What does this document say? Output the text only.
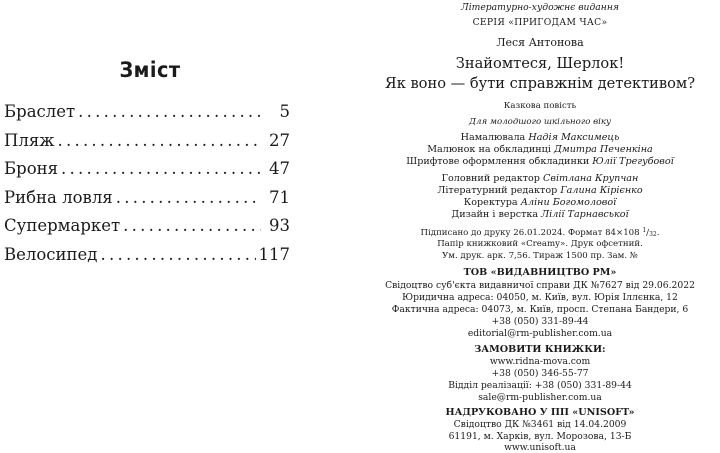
Зміст
Браслет . . .	5
Пляж . . .	27
Броня . . .	47
Рибна ловля . . .	71
Супермаркет . . .	93
Велосипед . . .	117
Літературно-художнє видання
СЕРІЯ «ПРИГОДАМ ЧАС»
Леся Антонова
Знайомтеся, Шерлок!
Як воно — бути справжнім детективом?
Казкова повість
Для молодшого шкільного віку
Намалювала Надія Максимець
Малюнок на обкладинці Дмитра Печенкіна
Шрифтове оформлення обкладинки Юлії Трегубової
Головний редактор Світлана Крупчан
Літературний редактор Галина Кірієнко
Коректура Аліни Богомолової
Дизайн і верстка Лілії Тарнавської
Підписано до друку 26.01.2024. Формат 84×108 $^1$/32.
Папір книжковий «Creamy». Друк офсетний.
Ум. друк. арк. 7,56. Тираж 1500 пр. Зам. №
ТОВ «ВИДАВНИЦТВО РМ»
Свідоцтво суб'єкта видавничої справи ДК №7627 від 29.06.2022
Юридична адреса: 04050, м. Київ, вул. Юрія Іллєнка, 12
Фактична адреса: 04073, м. Київ, просп. Степана Бандери, 6
+38 (050) 331-89-44
editorial@rm-publisher.com.ua
ЗАМОВИТИ КНИЖКИ:
www.ridna-mova.com
+38 (050) 346-55-77
Відділ реалізації: +38 (050) 331-89-44
sale@rm-publisher.com.ua
НАДРУКОВАНО У ПП «UNISOFT»
Свідоцтво ДК №3461 від 14.04.2009
61191, м. Харків, вул. Морозова, 13-Б
www.unisoft.ua
